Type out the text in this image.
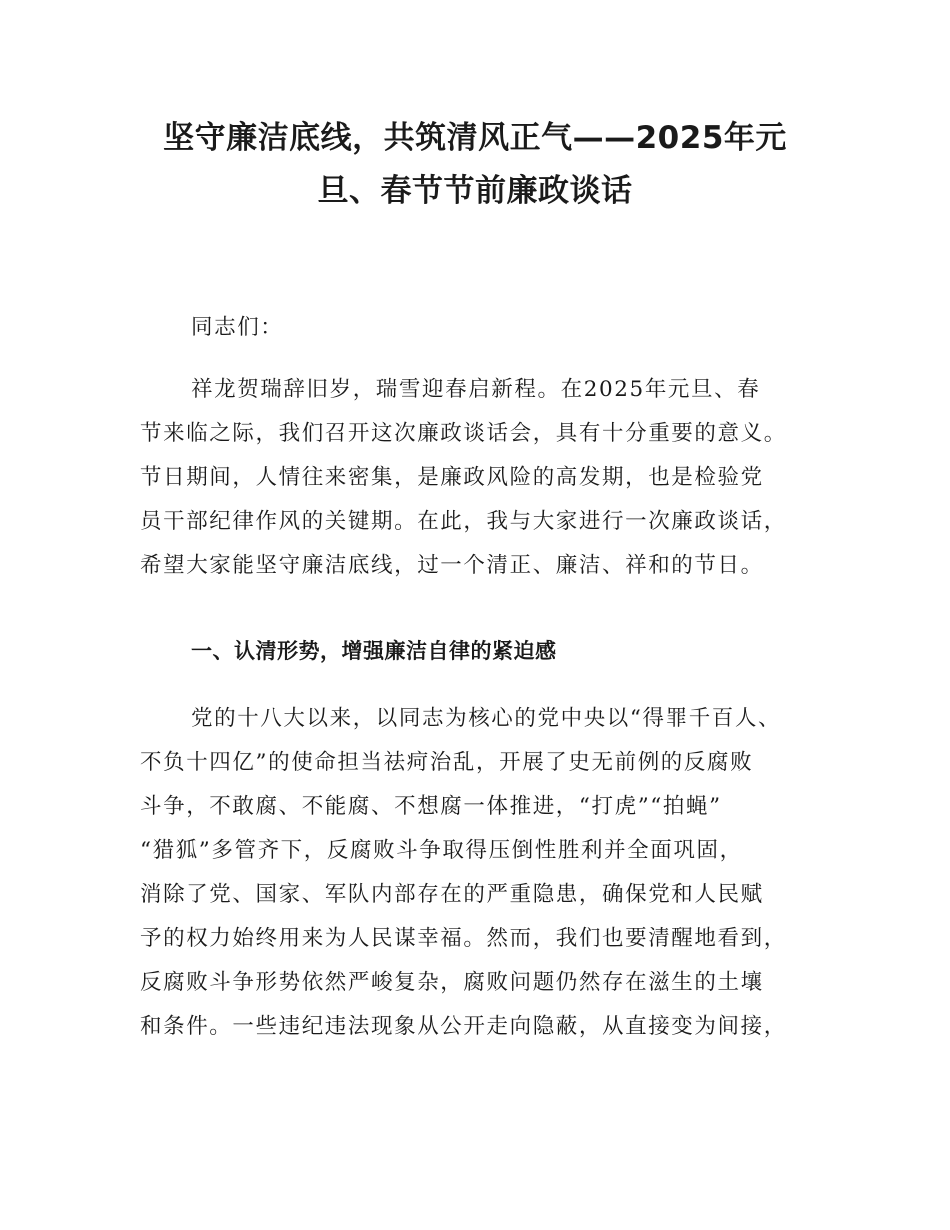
坚守廉洁底线，共筑清风正气——2025年元
旦、春节节前廉政谈话
同志们：
祥龙贺瑞辞旧岁，瑞雪迎春启新程。在2025年元旦、春
节来临之际，我们召开这次廉政谈话会，具有十分重要的意义。
节日期间，人情往来密集，是廉政风险的高发期，也是检验党
员干部纪律作风的关键期。在此，我与大家进行一次廉政谈话，
希望大家能坚守廉洁底线，过一个清正、廉洁、祥和的节日。
一、认清形势，增强廉洁自律的紧迫感
党的十八大以来，以同志为核心的党中央以“得罪千百人、
不负十四亿”的使命担当祛疴治乱，开展了史无前例的反腐败
斗争，不敢腐、不能腐、不想腐一体推进，“打虎”“拍蝇”
“猎狐”多管齐下，反腐败斗争取得压倒性胜利并全面巩固，
消除了党、国家、军队内部存在的严重隐患，确保党和人民赋
予的权力始终用来为人民谋幸福。然而，我们也要清醒地看到，
反腐败斗争形势依然严峻复杂，腐败问题仍然存在滋生的土壤
和条件。一些违纪违法现象从公开走向隐蔽，从直接变为间接，
